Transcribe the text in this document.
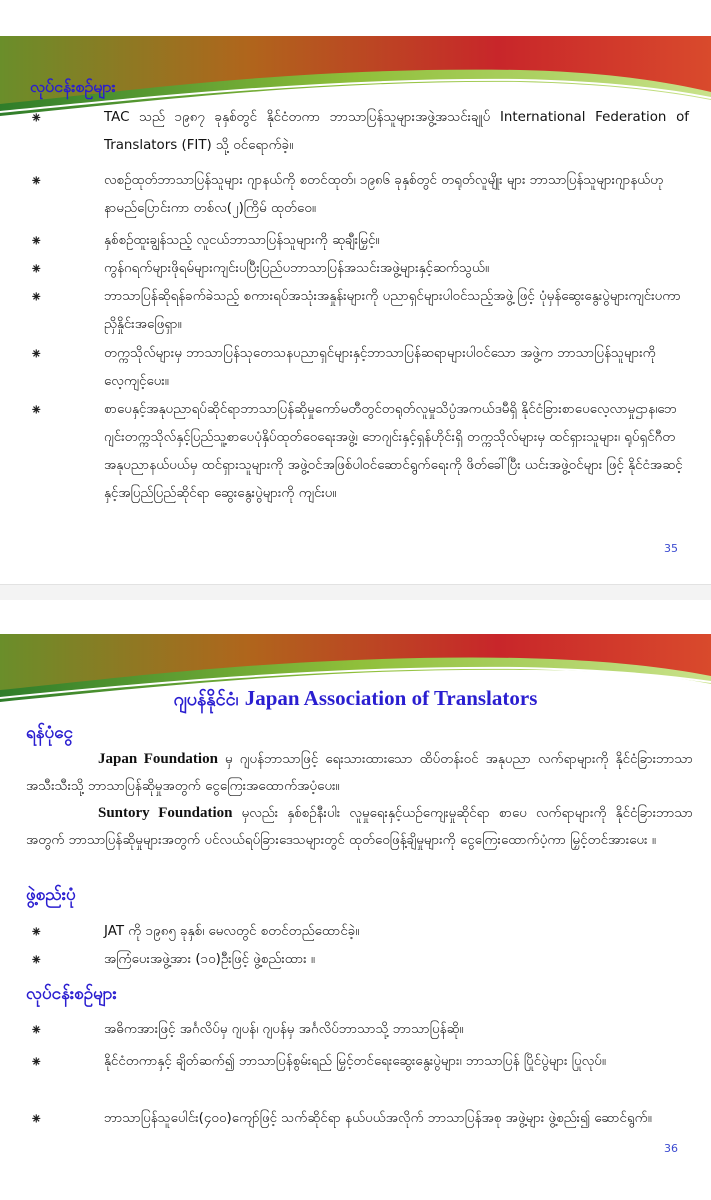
လုပ်ငန်းစဉ်များ
⁕	TAC သည် ၁၉၈၇ ခုနှစ်တွင် နိုင်ငံတကာ ဘာသာပြန်သူများအဖွဲ့အသင်းချုပ် International Federation of Translators (FIT) သို့ ဝင်ရောက်ခဲ့။
⁕	လစဉ်ထုတ်ဘာသာပြန်သူများ ဂျာနယ်ကို စတင်ထုတ်၊ ၁၉၈၆ ခုနှစ်တွင် တရုတ်လူမျိုး များ ဘာသာပြန်သူများဂျာနယ်ဟုနာမည်ပြောင်းကာ တစ်လ(၂)ကြိမ် ထုတ်ဝေ။
⁕	နှစ်စဉ်ထူးချွန်သည့် လူငယ်ဘာသာပြန်သူများကို ဆုချီးမြှင့်။
⁕	ကွန်ဂရက်များဖိုရမ်များကျင်းပပြီးပြည်ပဘာသာပြန်အသင်းအဖွဲ့များနှင့်ဆက်သွယ်။
⁕	ဘာသာပြန်ဆိုရန်ခက်ခဲသည့် စကားရပ်အသုံးအနှုန်းများကို ပညာရှင်များပါဝင်သည့်အဖွဲ့ ဖြင့် ပုံမှန်ဆွေးနွေးပွဲများကျင်းပကာ ညှိနှိုင်းအဖြေရှာ။
⁕	တက္ကသိုလ်များမှ ဘာသာပြန်သုတေသနပညာရှင်များနှင့်ဘာသာပြန်ဆရာများပါဝင်သော အဖွဲ့က ဘာသာပြန်သူများကို လေ့ကျင့်ပေး။
⁕	စာပေနှင့်အနုပညာရပ်ဆိုင်ရာဘာသာပြန်ဆိုမှုကော်မတီတွင်တရုတ်လူမှုသိပ္ပံအကယ်ဒမီရှိ နိုင်ငံခြားစာပေလေ့လာမှုဌာန၊ဘေဂျင်းတက္ကသိုလ်နှင့်ပြည်သူ့စာပေပုံနှိပ်ထုတ်ဝေရေးအဖွဲ့၊ ဘေဂျင်းနှင့်ရှန်ဟိုင်းရှိ တက္ကသိုလ်များမှ ထင်ရှားသူများ၊ ရုပ်ရှင်ဂီတ အနုပညာနယ်ပယ်မှ ထင်ရှားသူများကို အဖွဲ့ဝင်အဖြစ်ပါဝင်ဆောင်ရွက်ရေးကို ဖိတ်ခေါ်ပြီး ယင်းအဖွဲ့ဝင်များ ဖြင့် နိုင်ငံအဆင့်နှင့်အပြည်ပြည်ဆိုင်ရာ ဆွေးနွေးပွဲများကို ကျင်းပ။
35
ဂျပန်နိုင်ငံ၊ Japan Association of Translators
ရန်ပုံငွေ
Japan Foundation မှ ဂျပန်ဘာသာဖြင့် ရေးသားထားသော ထိပ်တန်းဝင် အနုပညာ လက်ရာများကို နိုင်ငံခြားဘာသာအသီးသီးသို့ ဘာသာပြန်ဆိုမှုအတွက် ငွေကြေးအထောက်အပံ့ပေး။
Suntory Foundation မှလည်း နှစ်စဉ်နီးပါး လူမှုရေးနှင့်ယဉ်ကျေးမှုဆိုင်ရာ စာပေ လက်ရာများကို နိုင်ငံခြားဘာသာအတွက် ဘာသာပြန်ဆိုမှုများအတွက် ပင်လယ်ရပ်ခြားဒေသများတွင် ထုတ်ဝေဖြန့်ချိမှုများကို ငွေကြေးထောက်ပံ့ကာ မြှင့်တင်အားပေး ။
ဖွဲ့စည်းပုံ
⁕	JAT ကို ၁၉၈၅ ခုနှစ်၊ မေလတွင် စတင်တည်ထောင်ခဲ့။
⁕	အကြံပေးအဖွဲ့အား (၁၀)ဦးဖြင့် ဖွဲ့စည်းထား ။
လုပ်ငန်းစဉ်များ
⁕	အဓိကအားဖြင့် အင်္ဂလိပ်မှ ဂျပန်၊ ဂျပန်မှ အင်္ဂလိပ်ဘာသာသို့ ဘာသာပြန်ဆို။
⁕	နိုင်ငံတကာနှင့် ချိတ်ဆက်၍ ဘာသာပြန်စွမ်းရည် မြှင့်တင်ရေးဆွေးနွေးပွဲများ၊ ဘာသာပြန် ပြိုင်ပွဲများ ပြုလုပ်။
⁕	ဘာသာပြန်သူပေါင်း(၄၀၀)ကျော်ဖြင့် သက်ဆိုင်ရာ နယ်ပယ်အလိုက် ဘာသာပြန်အစု အဖွဲ့များ ဖွဲ့စည်း၍ ဆောင်ရွက်။
36
